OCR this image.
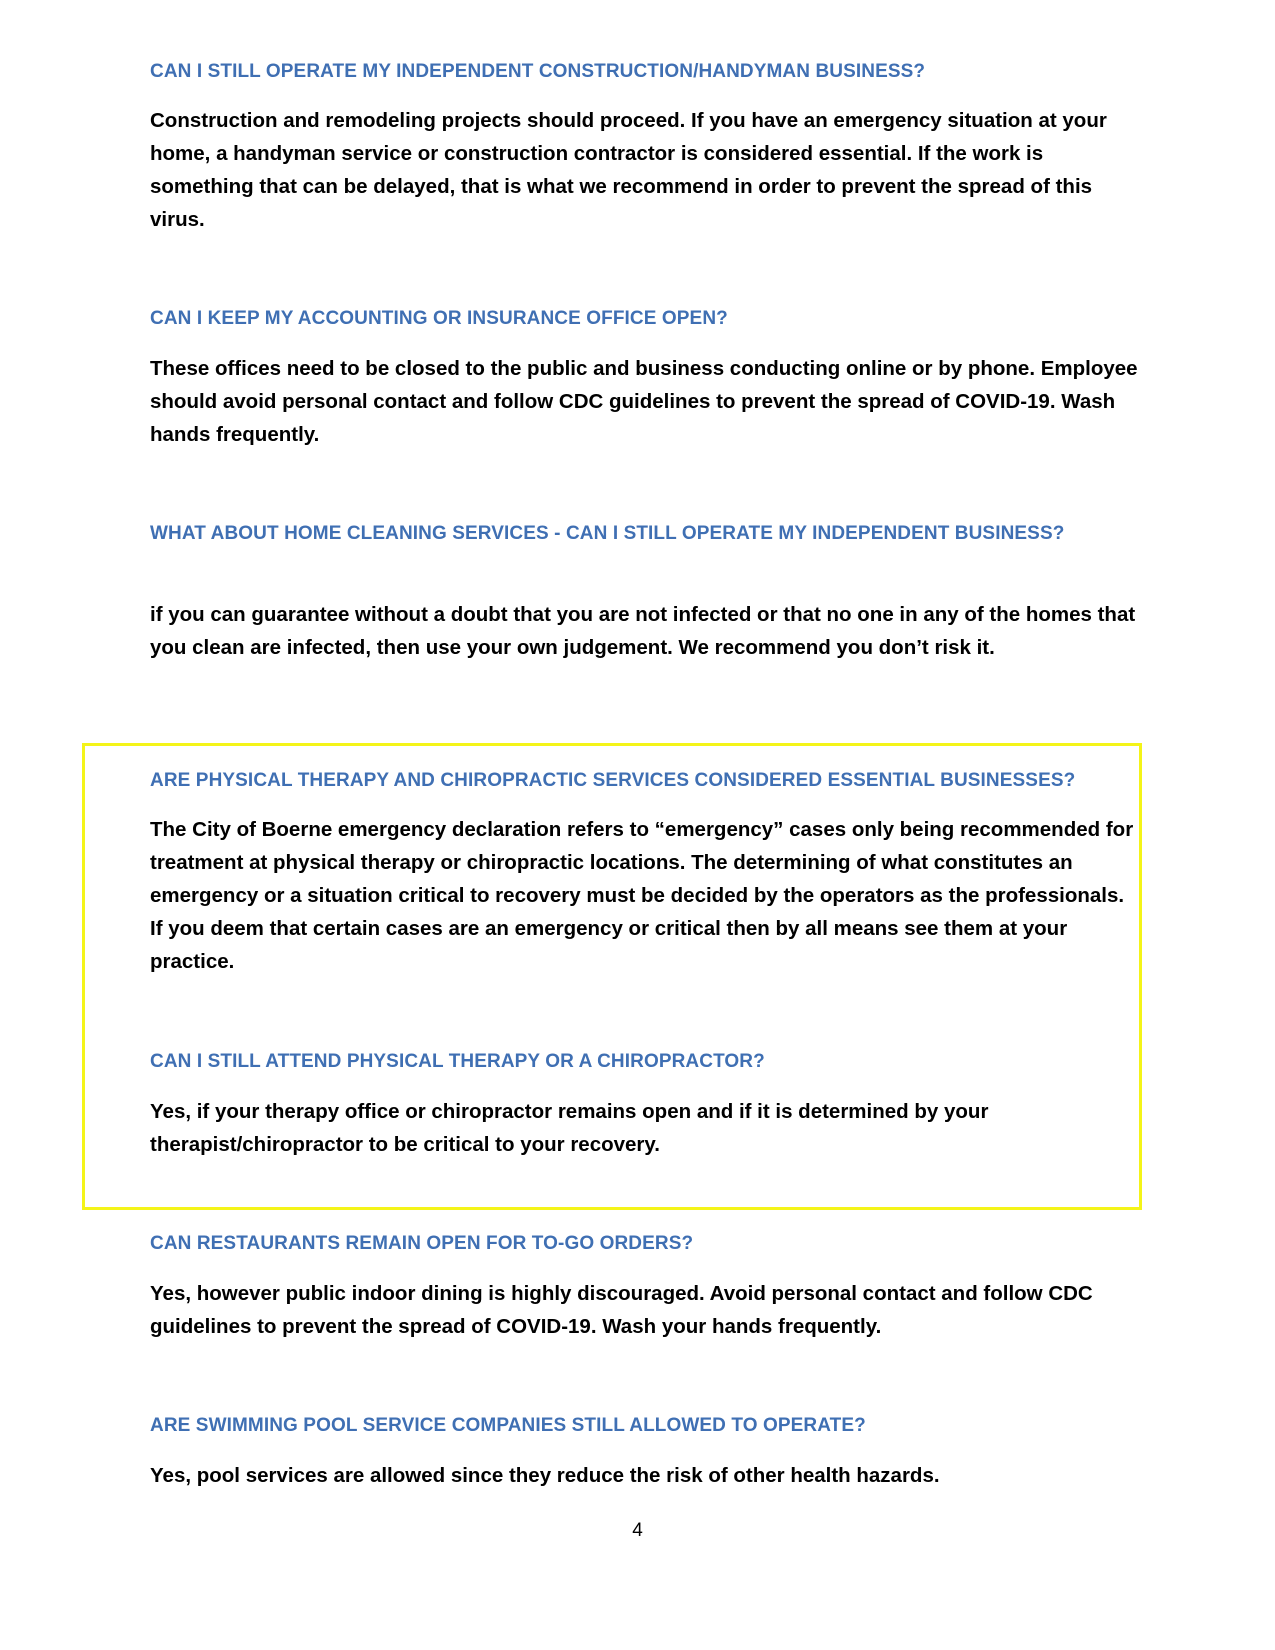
CAN I STILL OPERATE MY INDEPENDENT CONSTRUCTION/HANDYMAN BUSINESS?

Construction and remodeling projects should proceed. If you have an emergency situation at your home, a handyman service or construction contractor is considered essential. If the work is something that can be delayed, that is what we recommend in order to prevent the spread of this virus.

CAN I KEEP MY ACCOUNTING OR INSURANCE OFFICE OPEN?

These offices need to be closed to the public and business conducting online or by phone. Employee should avoid personal contact and follow CDC guidelines to prevent the spread of COVID-19. Wash hands frequently.

WHAT ABOUT HOME CLEANING SERVICES - CAN I STILL OPERATE MY INDEPENDENT BUSINESS?

if you can guarantee without a doubt that you are not infected or that no one in any of the homes that you clean are infected, then use your own judgement. We recommend you don’t risk it.

ARE PHYSICAL THERAPY AND CHIROPRACTIC SERVICES CONSIDERED ESSENTIAL BUSINESSES?

The City of Boerne emergency declaration refers to “emergency” cases only being recommended for treatment at physical therapy or chiropractic locations. The determining of what constitutes an emergency or a situation critical to recovery must be decided by the operators as the professionals. If you deem that certain cases are an emergency or critical then by all means see them at your practice.

CAN I STILL ATTEND PHYSICAL THERAPY OR A CHIROPRACTOR?

Yes, if your therapy office or chiropractor remains open and if it is determined by your therapist/chiropractor to be critical to your recovery.

CAN RESTAURANTS REMAIN OPEN FOR TO-GO ORDERS?

Yes, however public indoor dining is highly discouraged. Avoid personal contact and follow CDC guidelines to prevent the spread of COVID-19. Wash your hands frequently.

ARE SWIMMING POOL SERVICE COMPANIES STILL ALLOWED TO OPERATE?

Yes, pool services are allowed since they reduce the risk of other health hazards.

4
